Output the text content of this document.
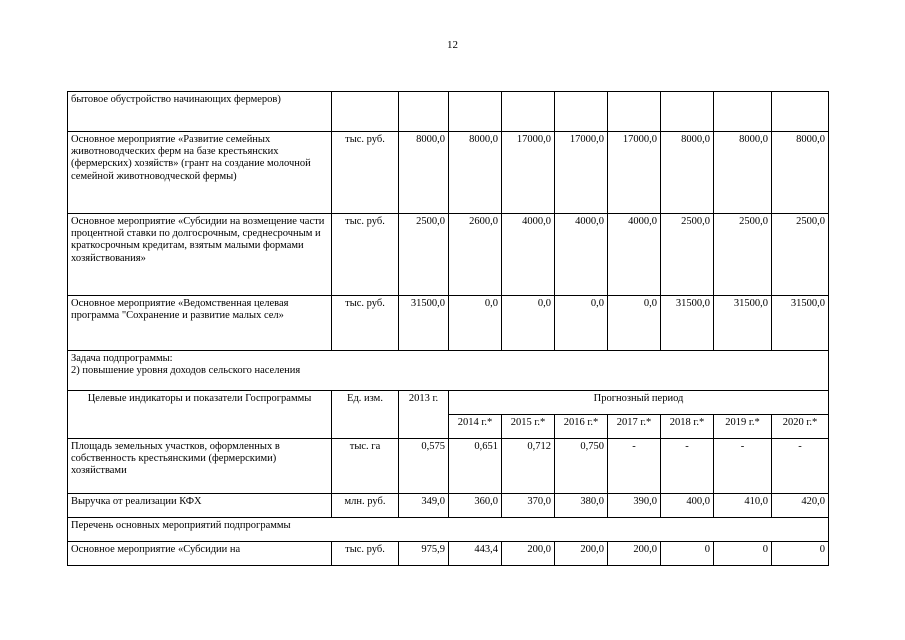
12
бытовое обустройство начинающих фермеров)									
Основное мероприятие «Развитие семейных животноводческих ферм на базе крестьянских (фермерских) хозяйств» (грант на создание молочной семейной животноводческой фермы)	тыс. руб.	8000,0	8000,0	17000,0	17000,0	17000,0	8000,0	8000,0	8000,0
Основное мероприятие «Субсидии на возмещение части процентной ставки по долгосрочным, среднесрочным и краткосрочным кредитам, взятым малыми формами хозяйствования»	тыс. руб.	2500,0	2600,0	4000,0	4000,0	4000,0	2500,0	2500,0	2500,0
Основное мероприятие «Ведомственная целевая программа "Сохранение и развитие малых сел»	тыс. руб.	31500,0	0,0	0,0	0,0	0,0	31500,0	31500,0	31500,0

Задача подпрограммы:
2) повышение уровня доходов сельского населения									

Целевые индикаторы и показатели Госпрограммы	Ед. изм.	2013 г.	Прогнозный период						
			2014 г.*	2015 г.*	2016 г.*	2017 г.*	2018 г.*	2019 г.*	2020 г.*
Площадь земельных участков, оформленных в собственность крестьянскими (фермерскими) хозяйствами	тыс. га	0,575	0,651	0,712	0,750	-	-	-	-
Выручка от реализации КФХ	млн. руб.	349,0	360,0	370,0	380,0	390,0	400,0	410,0	420,0
Перечень основных мероприятий подпрограммы									
Основное мероприятие «Субсидии на	тыс. руб.	975,9	443,4	200,0	200,0	200,0	0	0	0
